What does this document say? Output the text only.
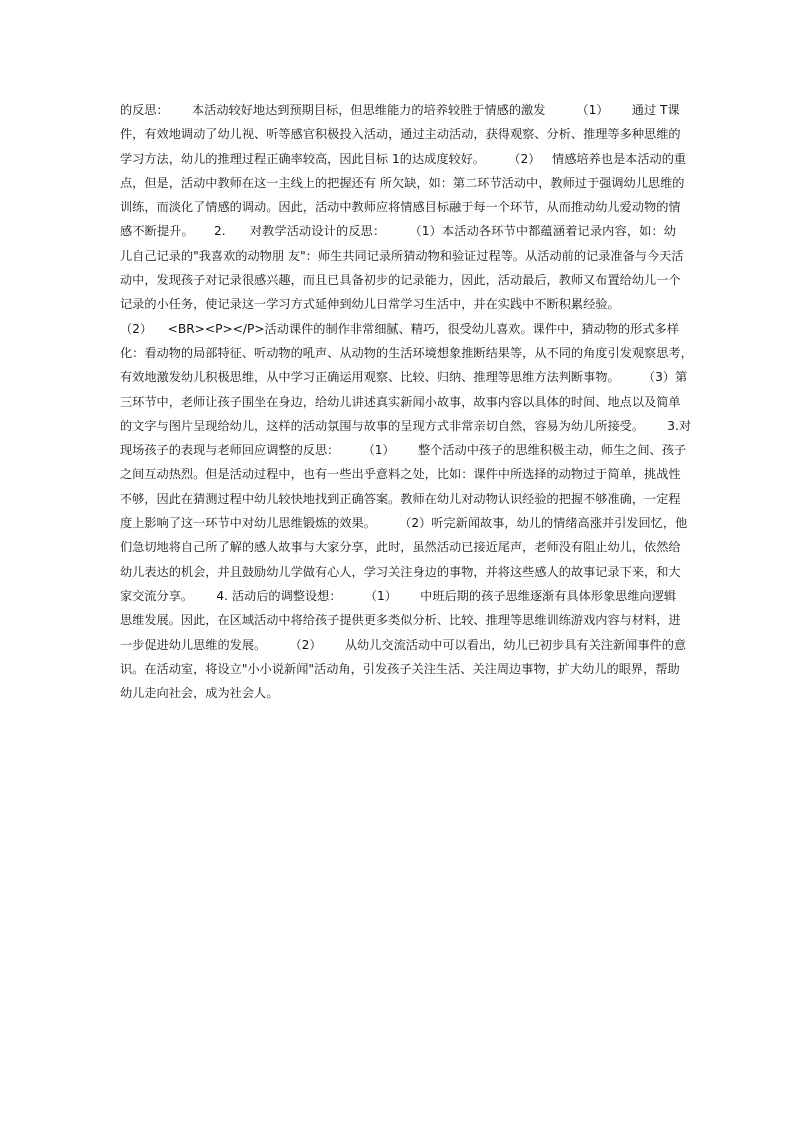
的反思：      本活动较好地达到预期目标，但思维能力的培养较胜于情感的激发        （1）      通过 T课
件，有效地调动了幼儿视、听等感官积极投入活动，通过主动活动，获得观察、分析、推理等多种思维的
学习方法，幼儿的推理过程正确率较高，因此目标 1的达成度较好。      （2）   情感培养也是本活动的重
点，但是，活动中教师在这一主线上的把握还有 所欠缺，如：第二环节活动中，教师过于强调幼儿思维的
训练，而淡化了情感的调动。因此，活动中教师应将情感目标融于每一个环节，从而推动幼儿爱动物的情
感不断提升。     2.      对教学活动设计的反思：      （1）本活动各环节中都蕴涵着记录内容，如：幼
儿自己记录的"我喜欢的动物朋 友"：师生共同记录所猜动物和验证过程等。从活动前的记录准备与今天活
动中，发现孩子对记录很感兴趣，而且已具备初步的记录能力，因此，活动最后，教师又布置给幼儿一个
记录的小任务，使记录这一学习方式延伸到幼儿日常学习生活中，并在实践中不断积累经验。
（2）    <BR><P></P>活动课件的制作非常细腻、精巧，很受幼儿喜欢。课件中，猜动物的形式多样
化：看动物的局部特征、听动物的吼声、从动物的生活环境想象推断结果等，从不同的角度引发观察思考，
有效地激发幼儿积极思维，从中学习正确运用观察、比较、归纳、推理等思维方法判断事物。      （3）第
三环节中，老师让孩子围坐在身边，给幼儿讲述真实新闻小故事，故事内容以具体的时间、地点以及简单
的文字与图片呈现给幼儿，这样的活动氛围与故事的呈现方式非常亲切自然，容易为幼儿所接受。      3.对
现场孩子的表现与老师回应调整的反思：      （1）      整个活动中孩子的思维积极主动，师生之间、孩子
之间互动热烈。但是活动过程中，也有一些出乎意料之处，比如：课件中所选择的动物过于简单，挑战性
不够，因此在猜测过程中幼儿较快地找到正确答案。教师在幼儿对动物认识经验的把握不够准确，一定程
度上影响了这一环节中对幼儿思维锻炼的效果。      （2）听完新闻故事，幼儿的情绪高涨并引发回忆，他
们急切地将自己所了解的感人故事与大家分享，此时，虽然活动已接近尾声，老师没有阻止幼儿，依然给
幼儿表达的机会，并且鼓励幼儿学做有心人，学习关注身边的事物，并将这些感人的故事记录下来，和大
家交流分享。      4. 活动后的调整设想：      （1）      中班后期的孩子思维逐渐有具体形象思维向逻辑
思维发展。因此，在区域活动中将给孩子提供更多类似分析、比较、推理等思维训练游戏内容与材料，进
一步促进幼儿思维的发展。      （2）      从幼儿交流活动中可以看出，幼儿已初步具有关注新闻事件的意
识。在活动室，将设立"小小说新闻"活动角，引发孩子关注生活、关注周边事物，扩大幼儿的眼界，帮助
幼儿走向社会，成为社会人。
